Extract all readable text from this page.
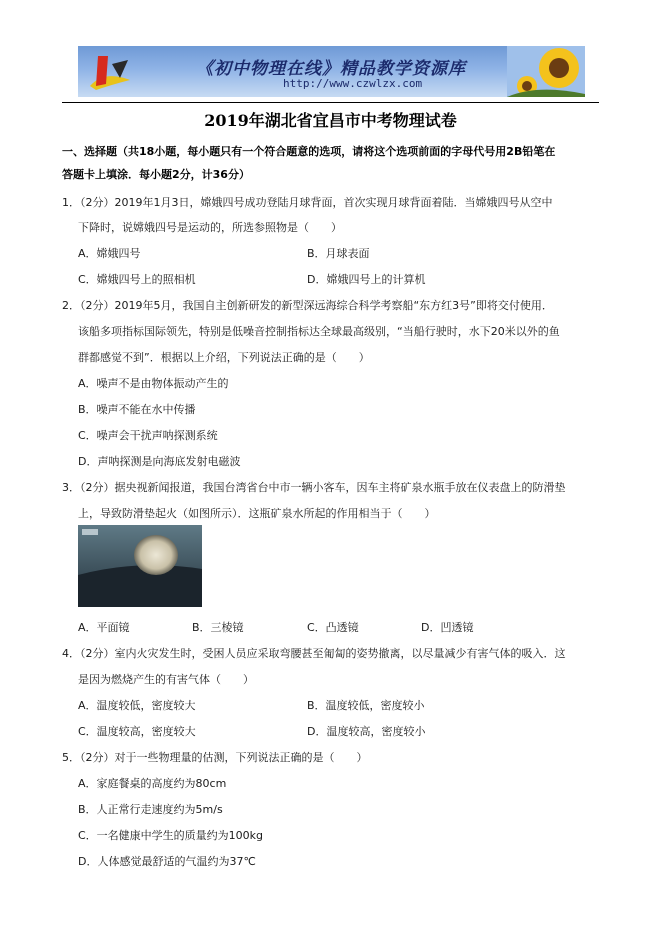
《初中物理在线》精品教学资源库
http://www.czwlzx.com
2019年湖北省宜昌市中考物理试卷
一、选择题（共18小题，每小题只有一个符合题意的选项，请将这个选项前面的字母代号用2B铅笔在
答题卡上填涂．每小题2分，计36分）
1．（2分）2019年1月3日，嫦娥四号成功登陆月球背面，首次实现月球背面着陆．当嫦娥四号从空中
下降时，说嫦娥四号是运动的，所选参照物是（　　）
A．嫦娥四号	B．月球表面
C．嫦娥四号上的照相机	D．嫦娥四号上的计算机
2．（2分）2019年5月，我国自主创新研发的新型深远海综合科学考察船“东方红3号”即将交付使用．
该船多项指标国际领先，特别是低噪音控制指标达全球最高级别，“当船行驶时，水下20米以外的鱼
群都感觉不到”．根据以上介绍，下列说法正确的是（　　）
A．噪声不是由物体振动产生的
B．噪声不能在水中传播
C．噪声会干扰声呐探测系统
D．声呐探测是向海底发射电磁波
3．（2分）据央视新闻报道，我国台湾省台中市一辆小客车，因车主将矿泉水瓶手放在仪表盘上的防滑垫
上，导致防滑垫起火（如图所示）．这瓶矿泉水所起的作用相当于（　　）
A．平面镜	B．三棱镜	C．凸透镜	D．凹透镜
4．（2分）室内火灾发生时，受困人员应采取弯腰甚至匍匐的姿势撤离，以尽量减少有害气体的吸入．这
是因为燃烧产生的有害气体（　　）
A．温度较低，密度较大	B．温度较低，密度较小
C．温度较高，密度较大	D．温度较高，密度较小
5．（2分）对于一些物理量的估测，下列说法正确的是（　　）
A．家庭餐桌的高度约为80cm
B．人正常行走速度约为5m/s
C．一名健康中学生的质量约为100kg
D．人体感觉最舒适的气温约为37℃
